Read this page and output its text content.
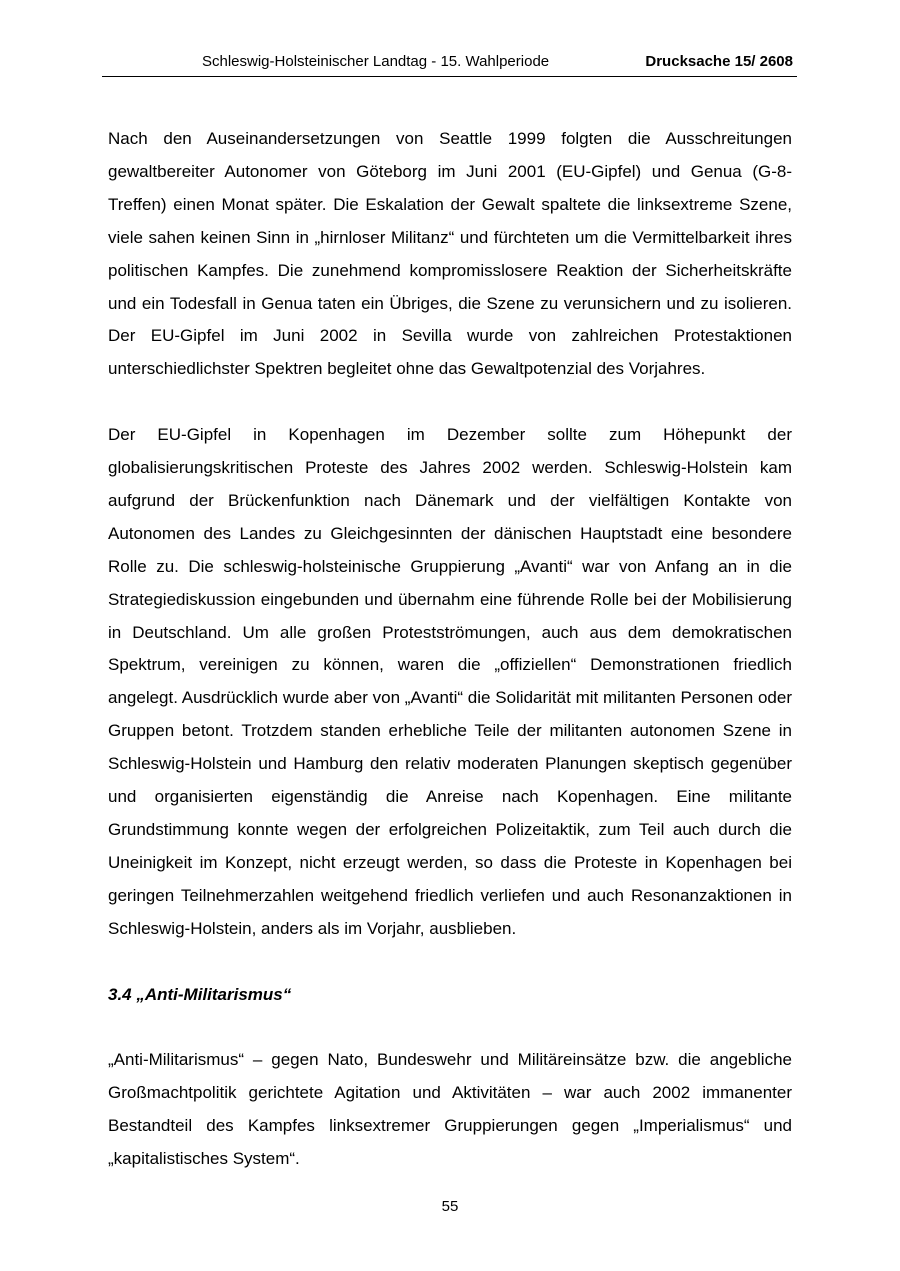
Schleswig-Holsteinischer Landtag - 15. Wahlperiode	Drucksache 15/ 2608

Nach den Auseinandersetzungen von Seattle 1999 folgten die Ausschreitungen gewaltbereiter Autonomer von Göteborg im Juni 2001 (EU-Gipfel) und Genua (G-8-Treffen) einen Monat später. Die Eskalation der Gewalt spaltete die linksextreme Szene, viele sahen keinen Sinn in „hirnloser Militanz“ und fürchteten um die Vermittelbarkeit ihres politischen Kampfes. Die zunehmend kompromisslosere Reaktion der Sicherheitskräfte und ein Todesfall in Genua taten ein Übriges, die Szene zu verunsichern und zu isolieren. Der EU-Gipfel im Juni 2002 in Sevilla wurde von zahlreichen Protestaktionen unterschiedlichster Spektren begleitet ohne das Gewaltpotenzial des Vorjahres.

Der EU-Gipfel in Kopenhagen im Dezember sollte zum Höhepunkt der globalisierungskritischen Proteste des Jahres 2002 werden. Schleswig-Holstein kam aufgrund der Brückenfunktion nach Dänemark und der vielfältigen Kontakte von Autonomen des Landes zu Gleichgesinnten der dänischen Hauptstadt eine besondere Rolle zu. Die schleswig-holsteinische Gruppierung „Avanti“ war von Anfang an in die Strategiediskussion eingebunden und übernahm eine führende Rolle bei der Mobilisierung in Deutschland. Um alle großen Protestströmungen, auch aus dem demokratischen Spektrum, vereinigen zu können, waren die „offiziellen“ Demonstrationen friedlich angelegt. Ausdrücklich wurde aber von „Avanti“ die Solidarität mit militanten Personen oder Gruppen betont. Trotzdem standen erhebliche Teile der militanten autonomen Szene in Schleswig-Holstein und Hamburg den relativ moderaten Planungen skeptisch gegenüber und organisierten eigenständig die Anreise nach Kopenhagen. Eine militante Grundstimmung konnte wegen der erfolgreichen Polizeitaktik, zum Teil auch durch die Uneinigkeit im Konzept, nicht erzeugt werden, so dass die Proteste in Kopenhagen bei geringen Teilnehmerzahlen weitgehend friedlich verliefen und auch Resonanzaktionen in Schleswig-Holstein, anders als im Vorjahr, ausblieben.

3.4 „Anti-Militarismus“

„Anti-Militarismus“ – gegen Nato, Bundeswehr und Militäreinsätze bzw. die angebliche Großmachtpolitik gerichtete Agitation und Aktivitäten – war auch 2002 immanenter Bestandteil des Kampfes linksextremer Gruppierungen gegen „Imperialismus“ und „kapitalistisches System“.

55
